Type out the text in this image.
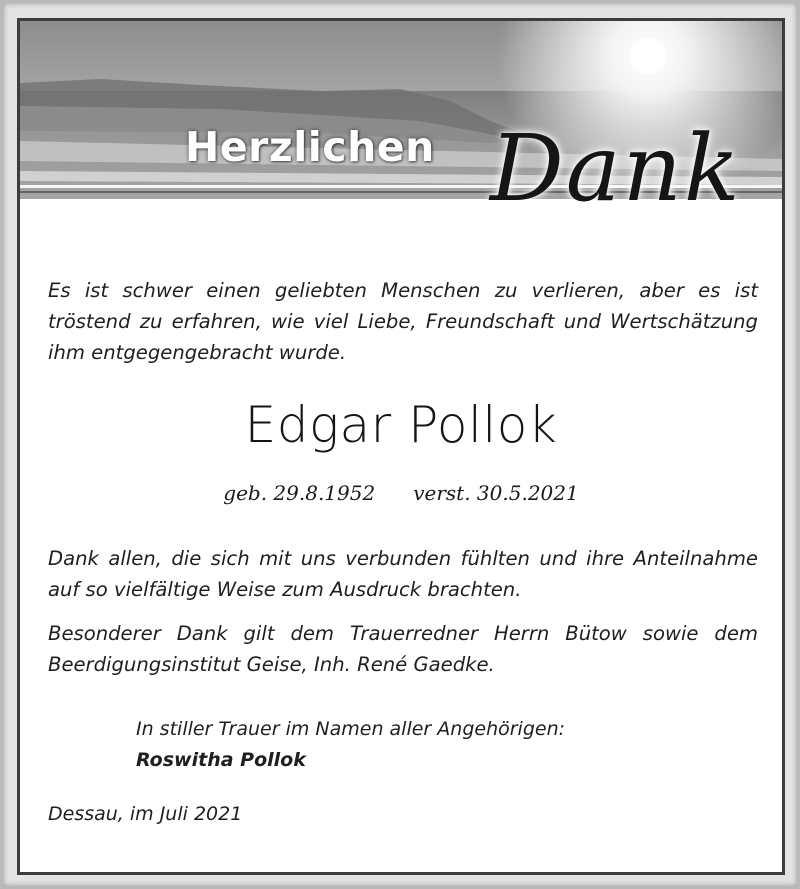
Herzlichen Dank
Es ist schwer einen geliebten Menschen zu verlieren, aber es ist tröstend zu erfahren, wie viel Liebe, Freundschaft und Wertschätzung ihm entgegengebracht wurde.
Edgar Pollok
geb. 29.8.1952 verst. 30.5.2021
Dank allen, die sich mit uns verbunden fühlten und ihre Anteilnahme auf so vielfältige Weise zum Ausdruck brachten.
Besonderer Dank gilt dem Trauerredner Herrn Bütow sowie dem Beerdigungsinstitut Geise, Inh. René Gaedke.
In stiller Trauer im Namen aller Angehörigen:
Roswitha Pollok
Dessau, im Juli 2021
